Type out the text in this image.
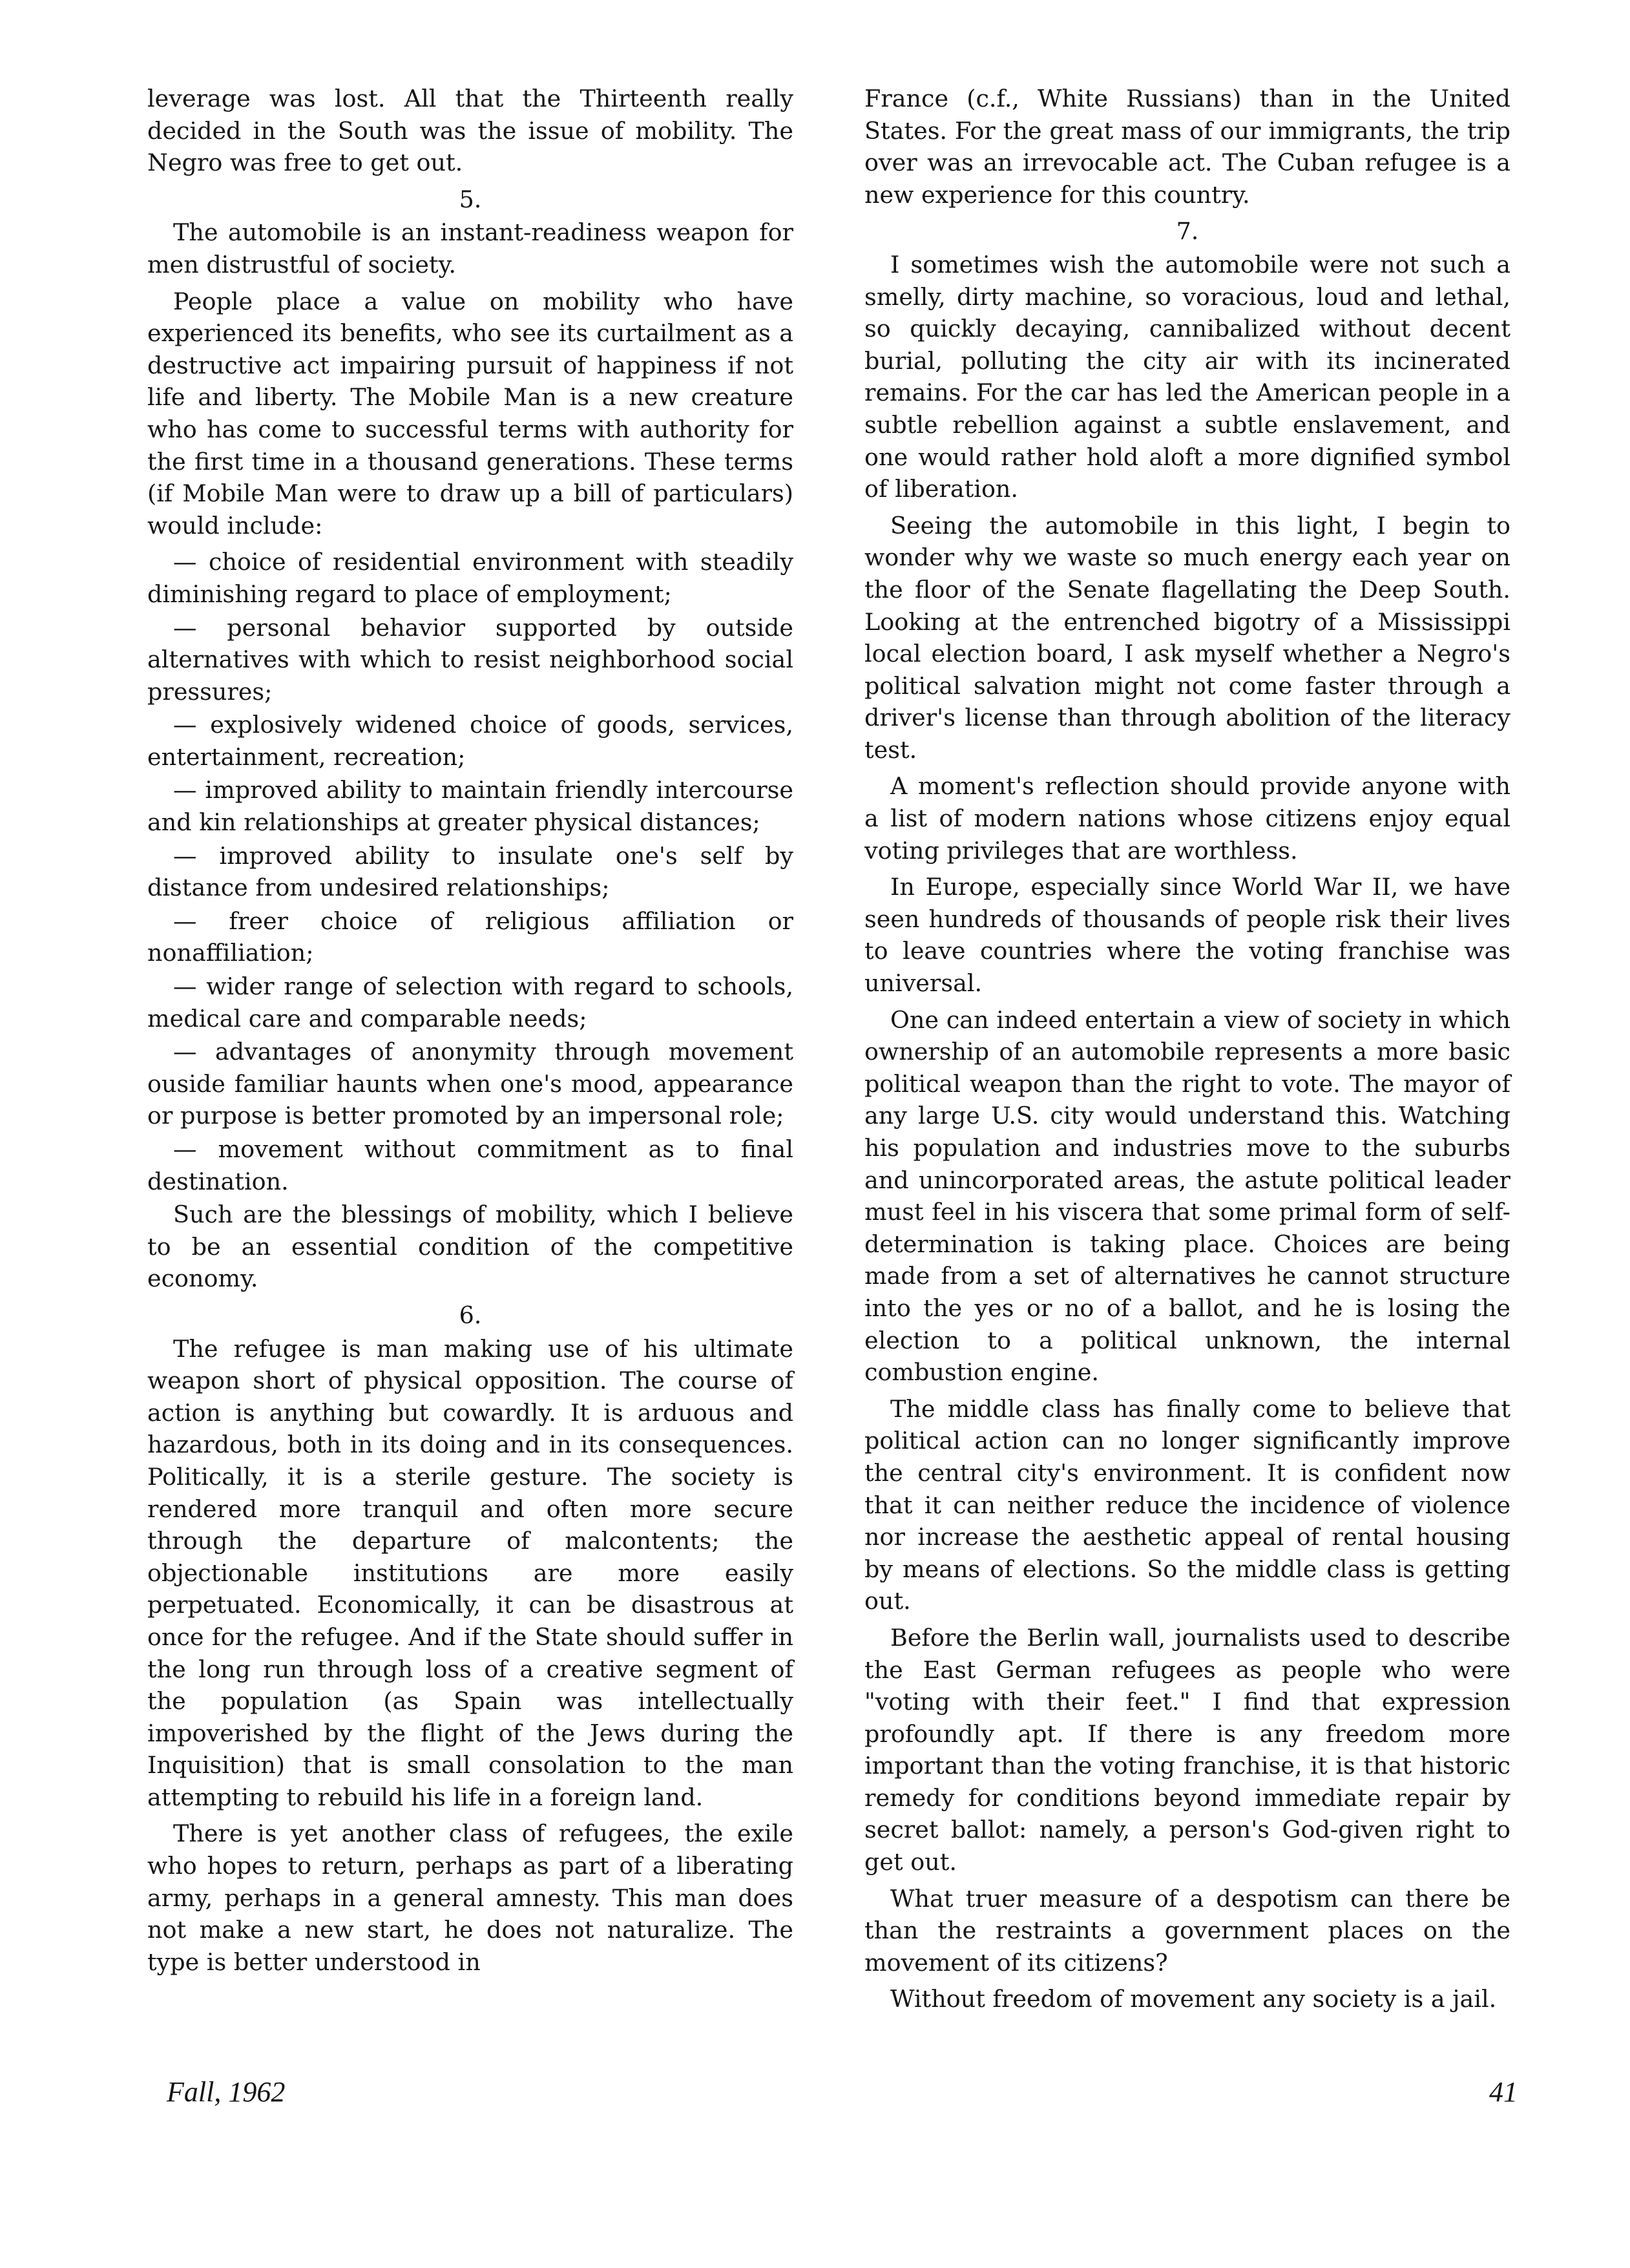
leverage was lost. All that the Thirteenth really decided in the South was the issue of mobility. The Negro was free to get out.

5.

The automobile is an instant-readiness weapon for men distrustful of society.

People place a value on mobility who have experienced its benefits, who see its curtailment as a destructive act impairing pursuit of happiness if not life and liberty. The Mobile Man is a new creature who has come to successful terms with authority for the first time in a thousand generations. These terms (if Mobile Man were to draw up a bill of particulars) would include:

— choice of residential environment with steadily diminishing regard to place of employment;

— personal behavior supported by outside alternatives with which to resist neighborhood social pressures;

— explosively widened choice of goods, services, entertainment, recreation;

— improved ability to maintain friendly intercourse and kin relationships at greater physical distances;

— improved ability to insulate one's self by distance from undesired relationships;

— freer choice of religious affiliation or nonaffiliation;

— wider range of selection with regard to schools, medical care and comparable needs;

— advantages of anonymity through movement ouside familiar haunts when one's mood, appearance or purpose is better promoted by an impersonal role;

— movement without commitment as to final destination.

Such are the blessings of mobility, which I believe to be an essential condition of the competitive economy.

6.

The refugee is man making use of his ultimate weapon short of physical opposition. The course of action is anything but cowardly. It is arduous and hazardous, both in its doing and in its consequences. Politically, it is a sterile gesture. The society is rendered more tranquil and often more secure through the departure of malcontents; the objectionable institutions are more easily perpetuated. Economically, it can be disastrous at once for the refugee. And if the State should suffer in the long run through loss of a creative segment of the population (as Spain was intellectually impoverished by the flight of the Jews during the Inquisition) that is small consolation to the man attempting to rebuild his life in a foreign land.

There is yet another class of refugees, the exile who hopes to return, perhaps as part of a liberating army, perhaps in a general amnesty. This man does not make a new start, he does not naturalize. The type is better understood in

France (c.f., White Russians) than in the United States. For the great mass of our immigrants, the trip over was an irrevocable act. The Cuban refugee is a new experience for this country.

7.

I sometimes wish the automobile were not such a smelly, dirty machine, so voracious, loud and lethal, so quickly decaying, cannibalized without decent burial, polluting the city air with its incinerated remains. For the car has led the American people in a subtle rebellion against a subtle enslavement, and one would rather hold aloft a more dignified symbol of liberation.

Seeing the automobile in this light, I begin to wonder why we waste so much energy each year on the floor of the Senate flagellating the Deep South. Looking at the entrenched bigotry of a Mississippi local election board, I ask myself whether a Negro's political salvation might not come faster through a driver's license than through abolition of the literacy test.

A moment's reflection should provide anyone with a list of modern nations whose citizens enjoy equal voting privileges that are worthless.

In Europe, especially since World War II, we have seen hundreds of thousands of people risk their lives to leave countries where the voting franchise was universal.

One can indeed entertain a view of society in which ownership of an automobile represents a more basic political weapon than the right to vote. The mayor of any large U.S. city would understand this. Watching his population and industries move to the suburbs and unincorporated areas, the astute political leader must feel in his viscera that some primal form of self-determination is taking place. Choices are being made from a set of alternatives he cannot structure into the yes or no of a ballot, and he is losing the election to a political unknown, the internal combustion engine.

The middle class has finally come to believe that political action can no longer significantly improve the central city's environment. It is confident now that it can neither reduce the incidence of violence nor increase the aesthetic appeal of rental housing by means of elections. So the middle class is getting out.

Before the Berlin wall, journalists used to describe the East German refugees as people who were "voting with their feet." I find that expression profoundly apt. If there is any freedom more important than the voting franchise, it is that historic remedy for conditions beyond immediate repair by secret ballot: namely, a person's God-given right to get out.

What truer measure of a despotism can there be than the restraints a government places on the movement of its citizens?

Without freedom of movement any society is a jail.

Fall, 1962	41
